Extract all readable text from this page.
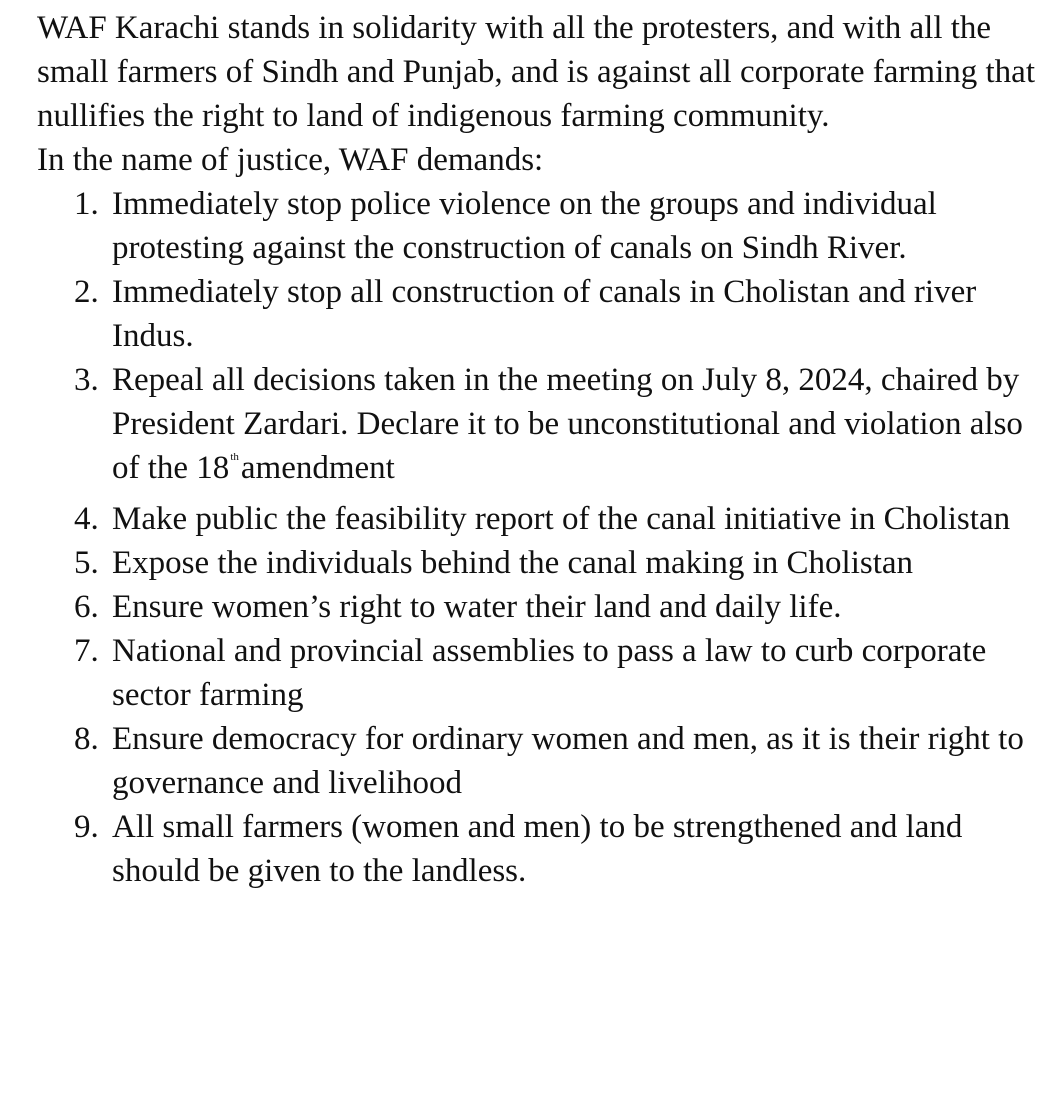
WAF Karachi stands in solidarity with all the protesters, and with all the small farmers of Sindh and Punjab, and is against all corporate farming that nullifies the right to land of indigenous farming community.

In the name of justice, WAF demands:

1. Immediately stop police violence on the groups and individual protesting against the construction of canals on Sindh River.
2. Immediately stop all construction of canals in Cholistan and river Indus.
3. Repeal all decisions taken in the meeting on July 8, 2024, chaired by President Zardari. Declare it to be unconstitutional and violation also of the 18thamendment
4. Make public the feasibility report of the canal initiative in Cholistan
5. Expose the individuals behind the canal making in Cholistan
6. Ensure women’s right to water their land and daily life.
7. National and provincial assemblies to pass a law to curb corporate sector farming
8. Ensure democracy for ordinary women and men, as it is their right to governance and livelihood
9. All small farmers (women and men) to be strengthened and land should be given to the landless.
